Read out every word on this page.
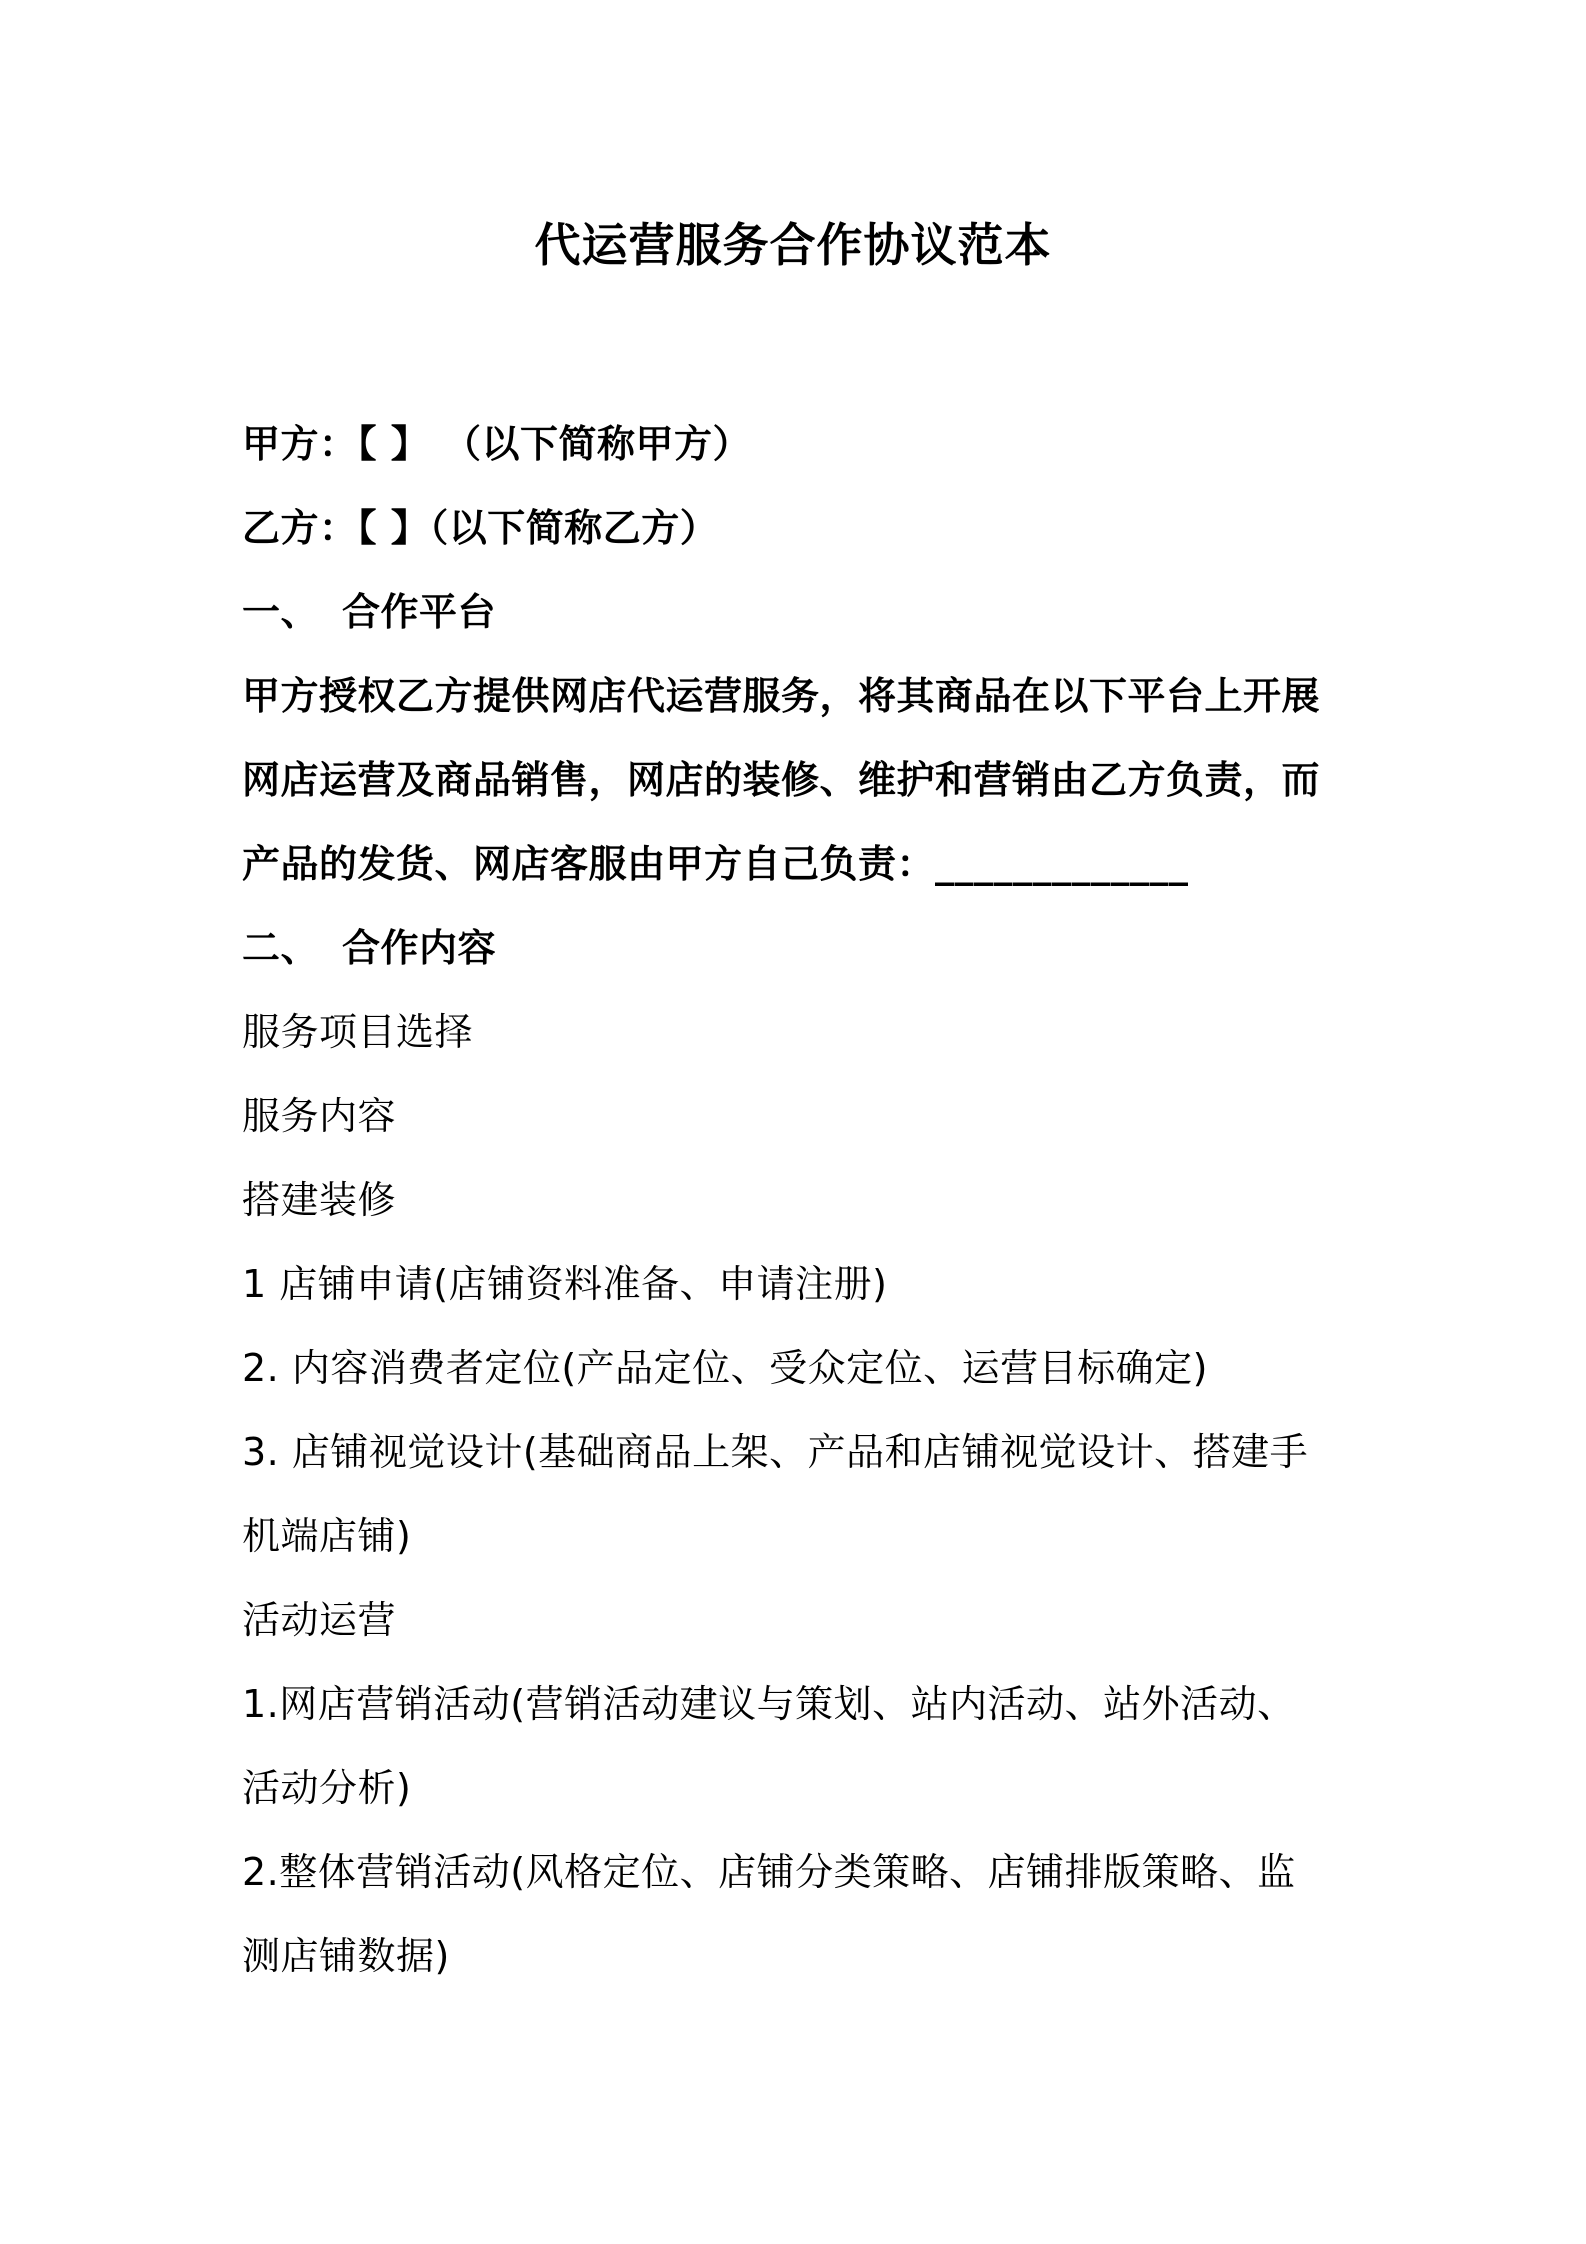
代运营服务合作协议范本

甲方：【 】 （以下简称甲方）

乙方：【 】（以下简称乙方）

一、 合作平台

甲方授权乙方提供网店代运营服务，将其商品在以下平台上开展

网店运营及商品销售，网店的装修、维护和营销由乙方负责，而

产品的发货、网店客服由甲方自己负责：_____________

二、 合作内容

服务项目选择

服务内容

搭建装修

1 店铺申请(店铺资料准备、申请注册)

2. 内容消费者定位(产品定位、受众定位、运营目标确定)

3. 店铺视觉设计(基础商品上架、产品和店铺视觉设计、搭建手

机端店铺)

活动运营

1.网店营销活动(营销活动建议与策划、站内活动、站外活动、

活动分析)

2.整体营销活动(风格定位、店铺分类策略、店铺排版策略、监

测店铺数据)
